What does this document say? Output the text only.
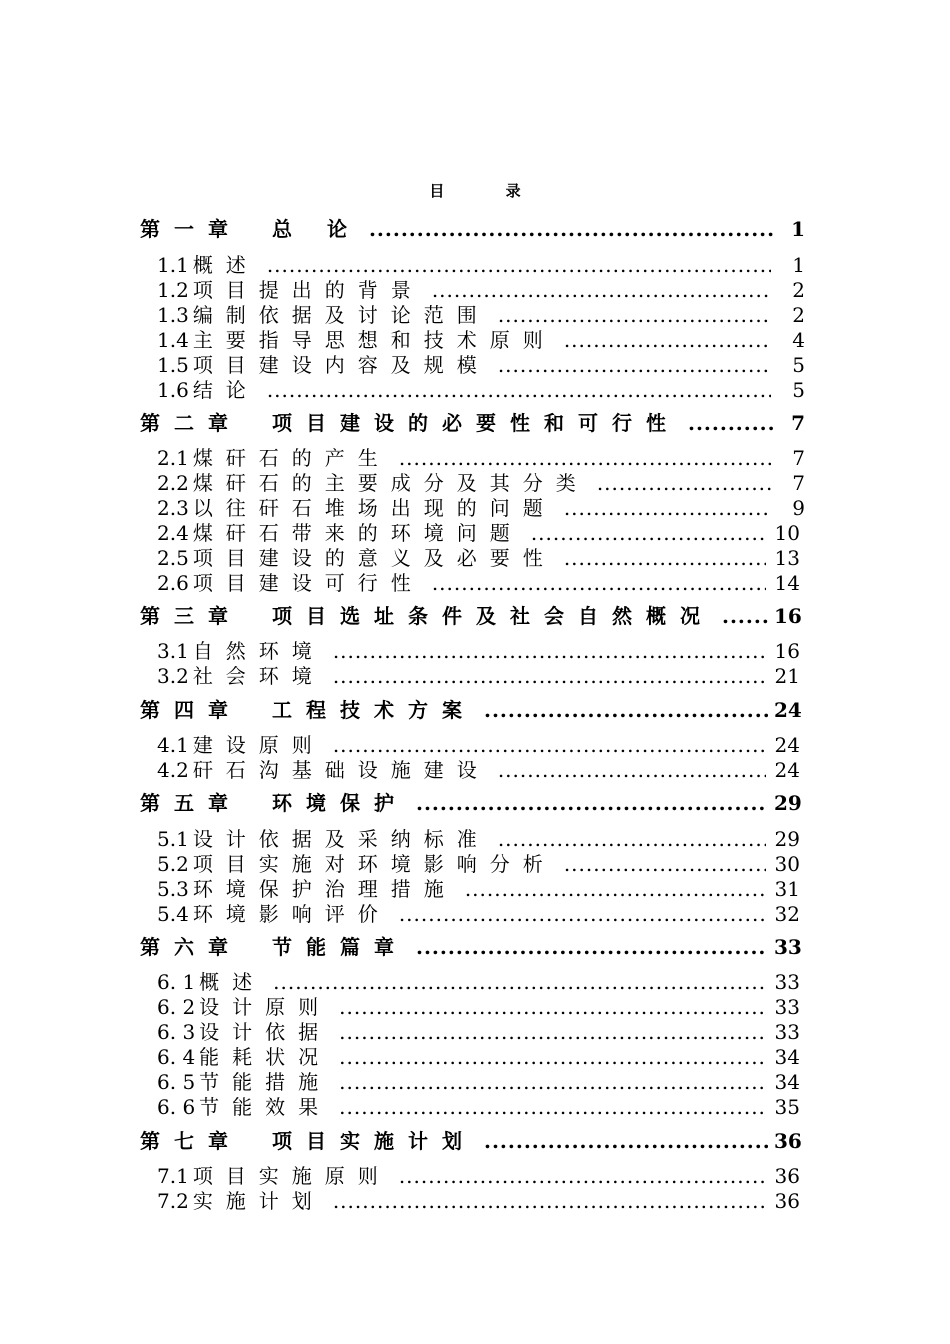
目 录
第一章 总 论 .....	1
1.1 概述 .....	1
1.2 项目提出的背景 .....	2
1.3 编制依据及讨论范围 .....	2
1.4 主要指导思想和技术原则 .....	4
1.5 项目建设内容及规模 .....	5
1.6 结论 .....	5
第二章 项目建设的必要性和可行性 .....	7
2.1 煤矸石的产生 .....	7
2.2 煤矸石的主要成分及其分类 .....	7
2.3 以往矸石堆场出现的问题 .....	9
2.4 煤矸石带来的环境问题 .....	10
2.5 项目建设的意义及必要性 .....	13
2.6 项目建设可行性 .....	14
第三章 项目选址条件及社会自然概况 .....	16
3.1 自然环境 .....	16
3.2 社会环境 .....	21
第四章 工程技术方案 .....	24
4.1 建设原则 .....	24
4.2 矸石沟基础设施建设 .....	24
第五章 环境保护 .....	29
5.1 设计依据及采纳标准 .....	29
5.2 项目实施对环境影响分析 .....	30
5.3 环境保护治理措施 .....	31
5.4 环境影响评价 .....	32
第六章 节能篇章 .....	33
6. 1 概述 .....	33
6. 2 设计原则 .....	33
6. 3 设计依据 .....	33
6. 4 能耗状况 .....	34
6. 5 节能措施 .....	34
6. 6 节能效果 .....	35
第七章 项目实施计划 .....	36
7.1 项目实施原则 .....	36
7.2 实施计划 .....	36
